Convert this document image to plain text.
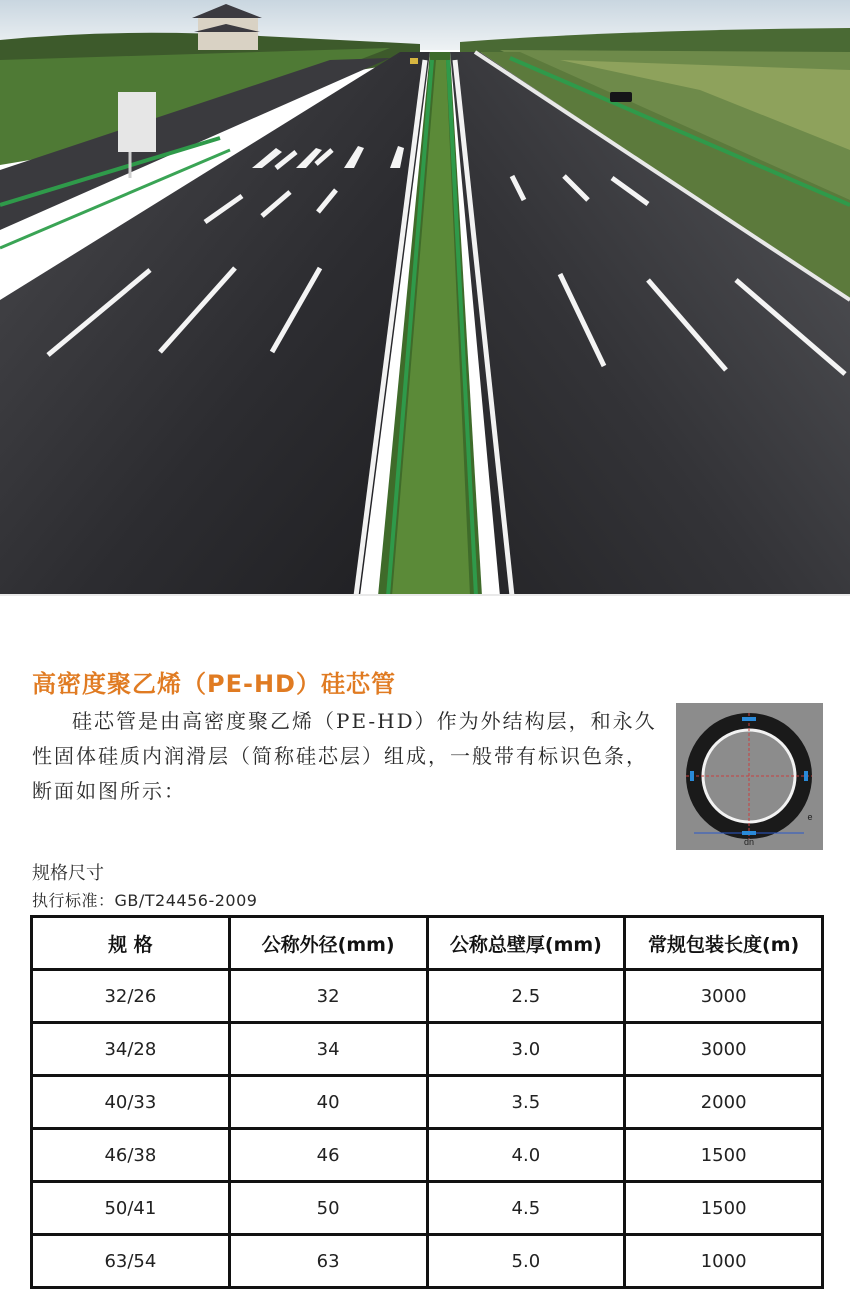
高密度聚乙烯（PE-HD）硅芯管

硅芯管是由高密度聚乙烯（PE-HD）作为外结构层，和永久性固体硅质内润滑层（简称硅芯层）组成，一般带有标识色条，断面如图所示：

dn
e
规格尺寸
执行标准：GB/T24456-2009
规 格	公称外径(mm)	公称总壁厚(mm)	常规包装长度(m)
32/26	32	2.5	3000
34/28	34	3.0	3000
40/33	40	3.5	2000
46/38	46	4.0	1500
50/41	50	4.5	1500
63/54	63	5.0	1000
